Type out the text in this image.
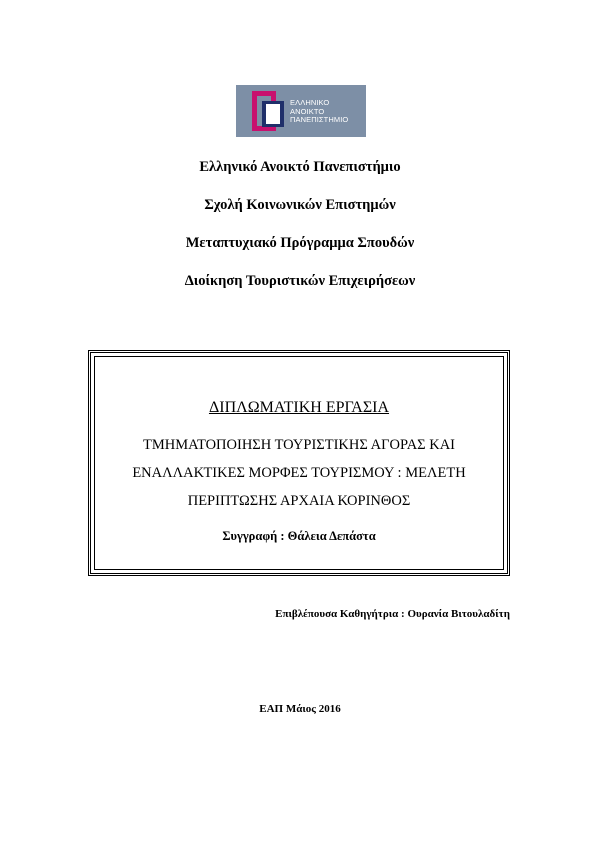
ΕΛΛΗΝΙΚΟ
ΑΝΟΙΚΤΟ
ΠΑΝΕΠΙΣΤΗΜΙΟ
Ελληνικό Ανοικτό Πανεπιστήμιο
Σχολή Κοινωνικών Επιστημών
Μεταπτυχιακό Πρόγραμμα Σπουδών
Διοίκηση Τουριστικών Επιχειρήσεων
ΔΙΠΛΩΜΑΤΙΚΗ ΕΡΓΑΣΙΑ
ΤΜΗΜΑΤΟΠΟΙΗΣΗ ΤΟΥΡΙΣΤΙΚΗΣ ΑΓΟΡΑΣ ΚΑΙ
ΕΝΑΛΛΑΚΤΙΚΕΣ ΜΟΡΦΕΣ ΤΟΥΡΙΣΜΟΥ : ΜΕΛΕΤΗ
ΠΕΡΙΠΤΩΣΗΣ ΑΡΧΑΙΑ ΚΟΡΙΝΘΟΣ
Συγγραφή : Θάλεια Δεπάστα
Επιβλέπουσα Καθηγήτρια : Ουρανία Βιτουλαδίτη
ΕΑΠ Μάιος 2016
